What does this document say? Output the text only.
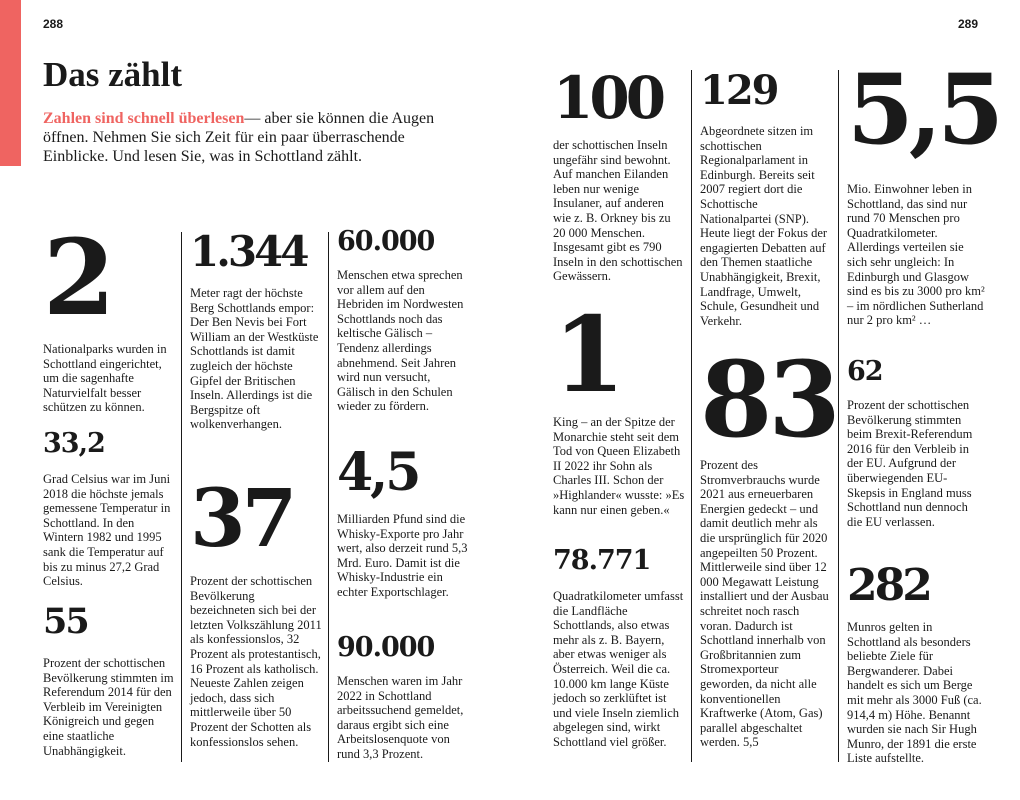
288	289
Das zählt

Zahlen sind schnell überlesen— aber sie können die Augen öffnen. Nehmen Sie sich Zeit für ein paar überraschende Einblicke. Und lesen Sie, was in Schottland zählt.

2
Nationalparks wurden in Schottland eingerichtet, um die sagenhafte Naturvielfalt besser schützen zu können.
33,2
Grad Celsius war im Juni 2018 die höchste jemals gemessene Temperatur in Schottland. In den Wintern 1982 und 1995 sank die Temperatur auf bis zu minus 27,2 Grad Celsius.
55
Prozent der schottischen Bevölkerung stimmten im Referendum 2014 für den Verbleib im Vereinigten Königreich und gegen eine staatliche Unabhängigkeit.
1.344
Meter ragt der höchste Berg Schottlands empor: Der Ben Nevis bei Fort William an der Westküste Schottlands ist damit zugleich der höchste Gipfel der Britischen Inseln. Allerdings ist die Bergspitze oft wolkenverhangen.
37
Prozent der schottischen Bevölkerung bezeichneten sich bei der letzten Volkszählung 2011 als konfessionslos, 32 Prozent als protestantisch, 16 Prozent als katholisch. Neueste Zahlen zeigen jedoch, dass sich mittlerweile über 50 Prozent der Schotten als konfessionslos sehen.
60.000
Menschen etwa sprechen vor allem auf den Hebriden im Nordwesten Schottlands noch das keltische Gälisch – Tendenz allerdings abnehmend. Seit Jahren wird nun versucht, Gälisch in den Schulen wieder zu fördern.
4,5
Milliarden Pfund sind die Whisky-Exporte pro Jahr wert, also derzeit rund 5,3 Mrd. Euro. Damit ist die Whisky-Industrie ein echter Exportschlager.
90.000
Menschen waren im Jahr 2022 in Schottland arbeitssuchend gemeldet, daraus ergibt sich eine Arbeitslosenquote von rund 3,3 Prozent.
100
der schottischen Inseln ungefähr sind bewohnt. Auf manchen Eilanden leben nur wenige Insulaner, auf anderen wie z. B. Orkney bis zu 20 000 Menschen. Insgesamt gibt es 790 Inseln in den schottischen Gewässern.
1
King – an der Spitze der Monarchie steht seit dem Tod von Queen Elizabeth II 2022 ihr Sohn als Charles III. Schon der »Highlander« wusste: »Es kann nur einen geben.«
78.771
Quadratkilometer umfasst die Landfläche Schottlands, also etwas mehr als z. B. Bayern, aber etwas weniger als Österreich. Weil die ca. 10.000 km lange Küste jedoch so zerklüftet ist und viele Inseln ziemlich abgelegen sind, wirkt Schottland viel größer.
129
Abgeordnete sitzen im schottischen Regionalparlament in Edinburgh. Bereits seit 2007 regiert dort die Schottische Nationalpartei (SNP). Heute liegt der Fokus der engagierten Debatten auf den Themen staatliche Unabhängigkeit, Brexit, Landfrage, Umwelt, Schule, Gesundheit und Verkehr.
83
Prozent des Stromverbrauchs wurde 2021 aus erneuerbaren Energien gedeckt – und damit deutlich mehr als die ursprünglich für 2020 angepeilten 50 Prozent. Mittlerweile sind über 12 000 Megawatt Leistung installiert und der Ausbau schreitet noch rasch voran. Dadurch ist Schottland innerhalb von Großbritannien zum Stromexporteur geworden, da nicht alle konventionellen Kraftwerke (Atom, Gas) parallel abgeschaltet werden. 5,5
5,5
Mio. Einwohner leben in Schottland, das sind nur rund 70 Menschen pro Quadratkilometer. Allerdings verteilen sie sich sehr ungleich: In Edinburgh und Glasgow sind es bis zu 3000 pro km² – im nördlichen Sutherland nur 2 pro km² …
62
Prozent der schottischen Bevölkerung stimmten beim Brexit-Referendum 2016 für den Verbleib in der EU. Aufgrund der überwiegenden EU-Skepsis in England muss Schottland nun dennoch die EU verlassen.
282
Munros gelten in Schottland als besonders beliebte Ziele für Bergwanderer. Dabei handelt es sich um Berge mit mehr als 3000 Fuß (ca. 914,4 m) Höhe. Benannt wurden sie nach Sir Hugh Munro, der 1891 die erste Liste aufstellte.
